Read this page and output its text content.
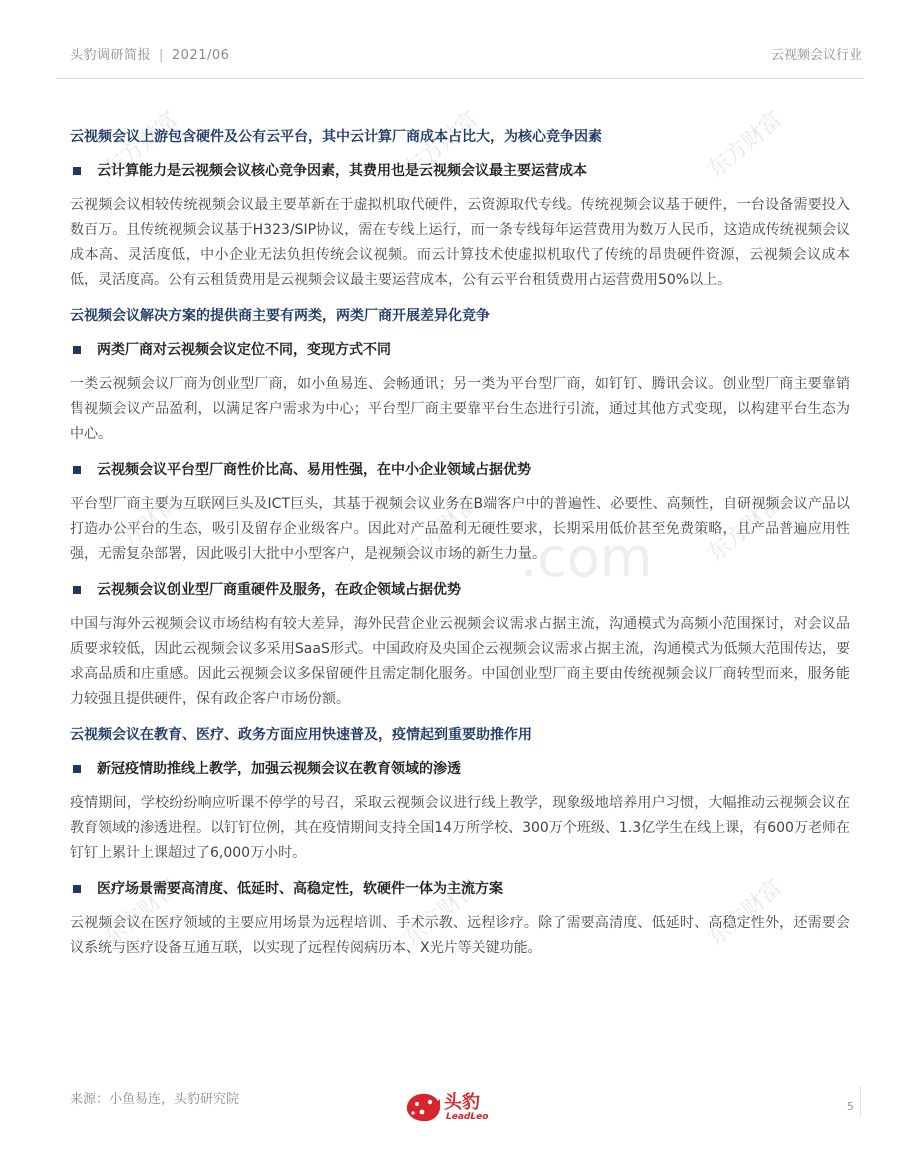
头豹调研简报 | 2021/06	云视频会议行业
东方财富	东方财富	东方财富
东方财富	东方财富	东方财富
东方财富	东方财富	东方财富
.com
云视频会议上游包含硬件及公有云平台，其中云计算厂商成本占比大，为核心竞争因素
云计算能力是云视频会议核心竞争因素，其费用也是云视频会议最主要运营成本

云视频会议相较传统视频会议最主要革新在于虚拟机取代硬件，云资源取代专线。传统视频会议基于硬件，一台设备需要投入数百万。且传统视频会议基于H323/SIP协议，需在专线上运行，而一条专线每年运营费用为数万人民币，这造成传统视频会议成本高、灵活度低，中小企业无法负担传统会议视频。而云计算技术使虚拟机取代了传统的昂贵硬件资源，云视频会议成本低，灵活度高。公有云租赁费用是云视频会议最主要运营成本，公有云平台租赁费用占运营费用50%以上。

云视频会议解决方案的提供商主要有两类，两类厂商开展差异化竞争
两类厂商对云视频会议定位不同，变现方式不同

一类云视频会议厂商为创业型厂商，如小鱼易连、会畅通讯；另一类为平台型厂商，如钉钉、腾讯会议。创业型厂商主要靠销售视频会议产品盈利，以满足客户需求为中心；平台型厂商主要靠平台生态进行引流，通过其他方式变现，以构建平台生态为中心。

云视频会议平台型厂商性价比高、易用性强，在中小企业领域占据优势

平台型厂商主要为互联网巨头及ICT巨头，其基于视频会议业务在B端客户中的普遍性、必要性、高频性，自研视频会议产品以打造办公平台的生态，吸引及留存企业级客户。因此对产品盈利无硬性要求，长期采用低价甚至免费策略，且产品普遍应用性强，无需复杂部署，因此吸引大批中小型客户，是视频会议市场的新生力量。

云视频会议创业型厂商重硬件及服务，在政企领域占据优势

中国与海外云视频会议市场结构有较大差异，海外民营企业云视频会议需求占据主流，沟通模式为高频小范围探讨，对会议品质要求较低，因此云视频会议多采用SaaS形式。中国政府及央国企云视频会议需求占据主流，沟通模式为低频大范围传达，要求高品质和庄重感。因此云视频会议多保留硬件且需定制化服务。中国创业型厂商主要由传统视频会议厂商转型而来，服务能力较强且提供硬件，保有政企客户市场份额。

云视频会议在教育、医疗、政务方面应用快速普及，疫情起到重要助推作用
新冠疫情助推线上教学，加强云视频会议在教育领域的渗透

疫情期间，学校纷纷响应听课不停学的号召，采取云视频会议进行线上教学，现象级地培养用户习惯，大幅推动云视频会议在教育领域的渗透进程。以钉钉位例，其在疫情期间支持全国14万所学校、300万个班级、1.3亿学生在线上课，有600万老师在钉钉上累计上课超过了6,000万小时。

医疗场景需要高清度、低延时、高稳定性，软硬件一体为主流方案

云视频会议在医疗领域的主要应用场景为远程培训、手术示教、远程诊疗。除了需要高清度、低延时、高稳定性外，还需要会议系统与医疗设备互通互联，以实现了远程传阅病历本、X光片等关键功能。

来源：小鱼易连，头豹研究院	头豹
LeadLeo
5
